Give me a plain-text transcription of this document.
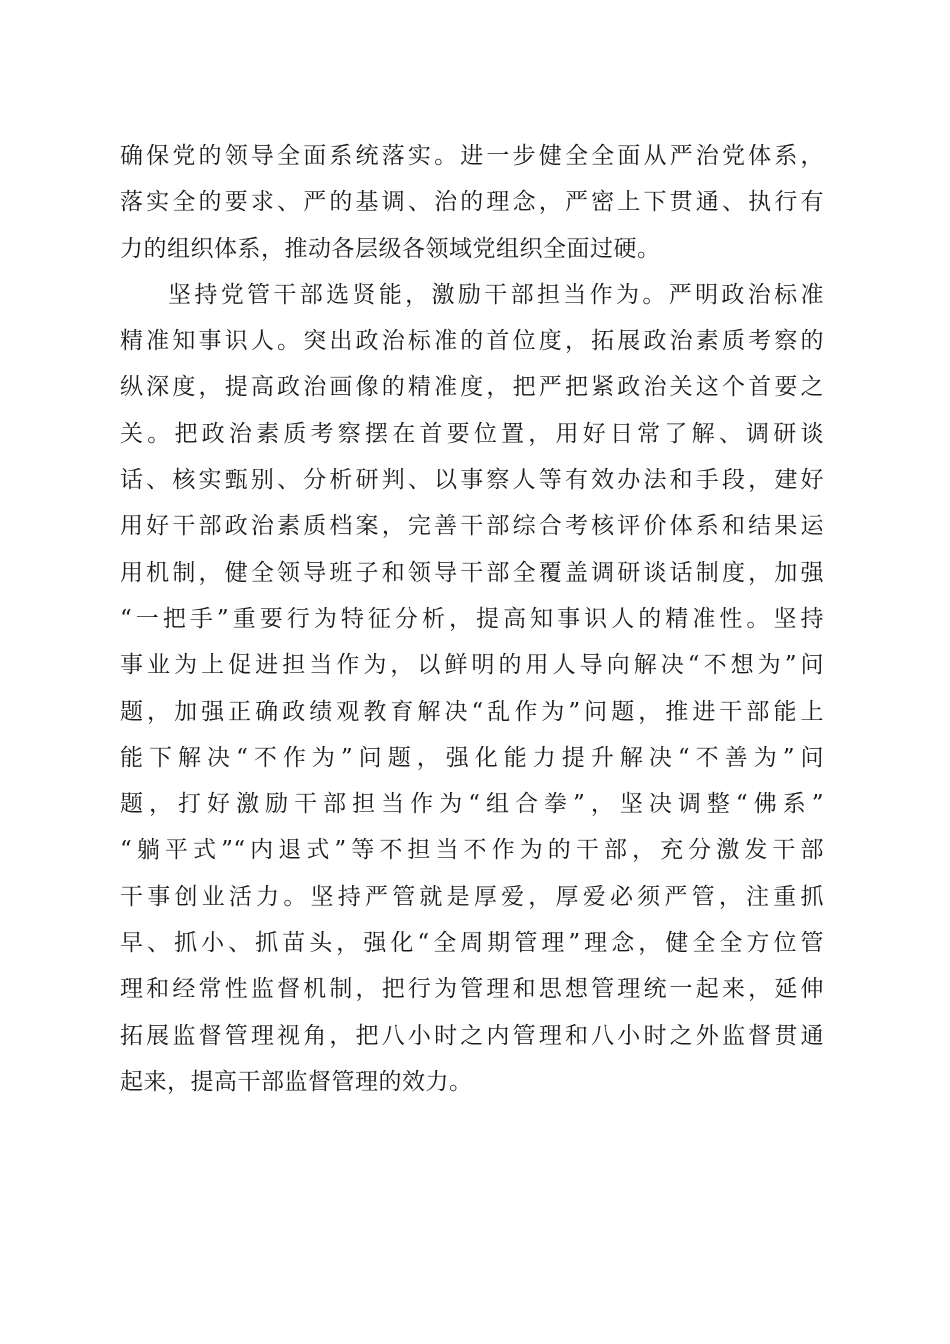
确保党的领导全面系统落实。进一步健全全面从严治党体系，
落实全的要求、严的基调、治的理念，严密上下贯通、执行有
力的组织体系，推动各层级各领域党组织全面过硬。
坚持党管干部选贤能，激励干部担当作为。严明政治标准
精准知事识人。突出政治标准的首位度，拓展政治素质考察的
纵深度，提高政治画像的精准度，把严把紧政治关这个首要之
关。把政治素质考察摆在首要位置，用好日常了解、调研谈
话、核实甄别、分析研判、以事察人等有效办法和手段，建好
用好干部政治素质档案，完善干部综合考核评价体系和结果运
用机制，健全领导班子和领导干部全覆盖调研谈话制度，加强
“一把手”重要行为特征分析，提高知事识人的精准性。坚持
事业为上促进担当作为，以鲜明的用人导向解决“不想为”问
题，加强正确政绩观教育解决“乱作为”问题，推进干部能上
能下解决“不作为”问题，强化能力提升解决“不善为”问
题，打好激励干部担当作为“组合拳”，坚决调整“佛系”
“躺平式”“内退式”等不担当不作为的干部，充分激发干部
干事创业活力。坚持严管就是厚爱，厚爱必须严管，注重抓
早、抓小、抓苗头，强化“全周期管理”理念，健全全方位管
理和经常性监督机制，把行为管理和思想管理统一起来，延伸
拓展监督管理视角，把八小时之内管理和八小时之外监督贯通
起来，提高干部监督管理的效力。
